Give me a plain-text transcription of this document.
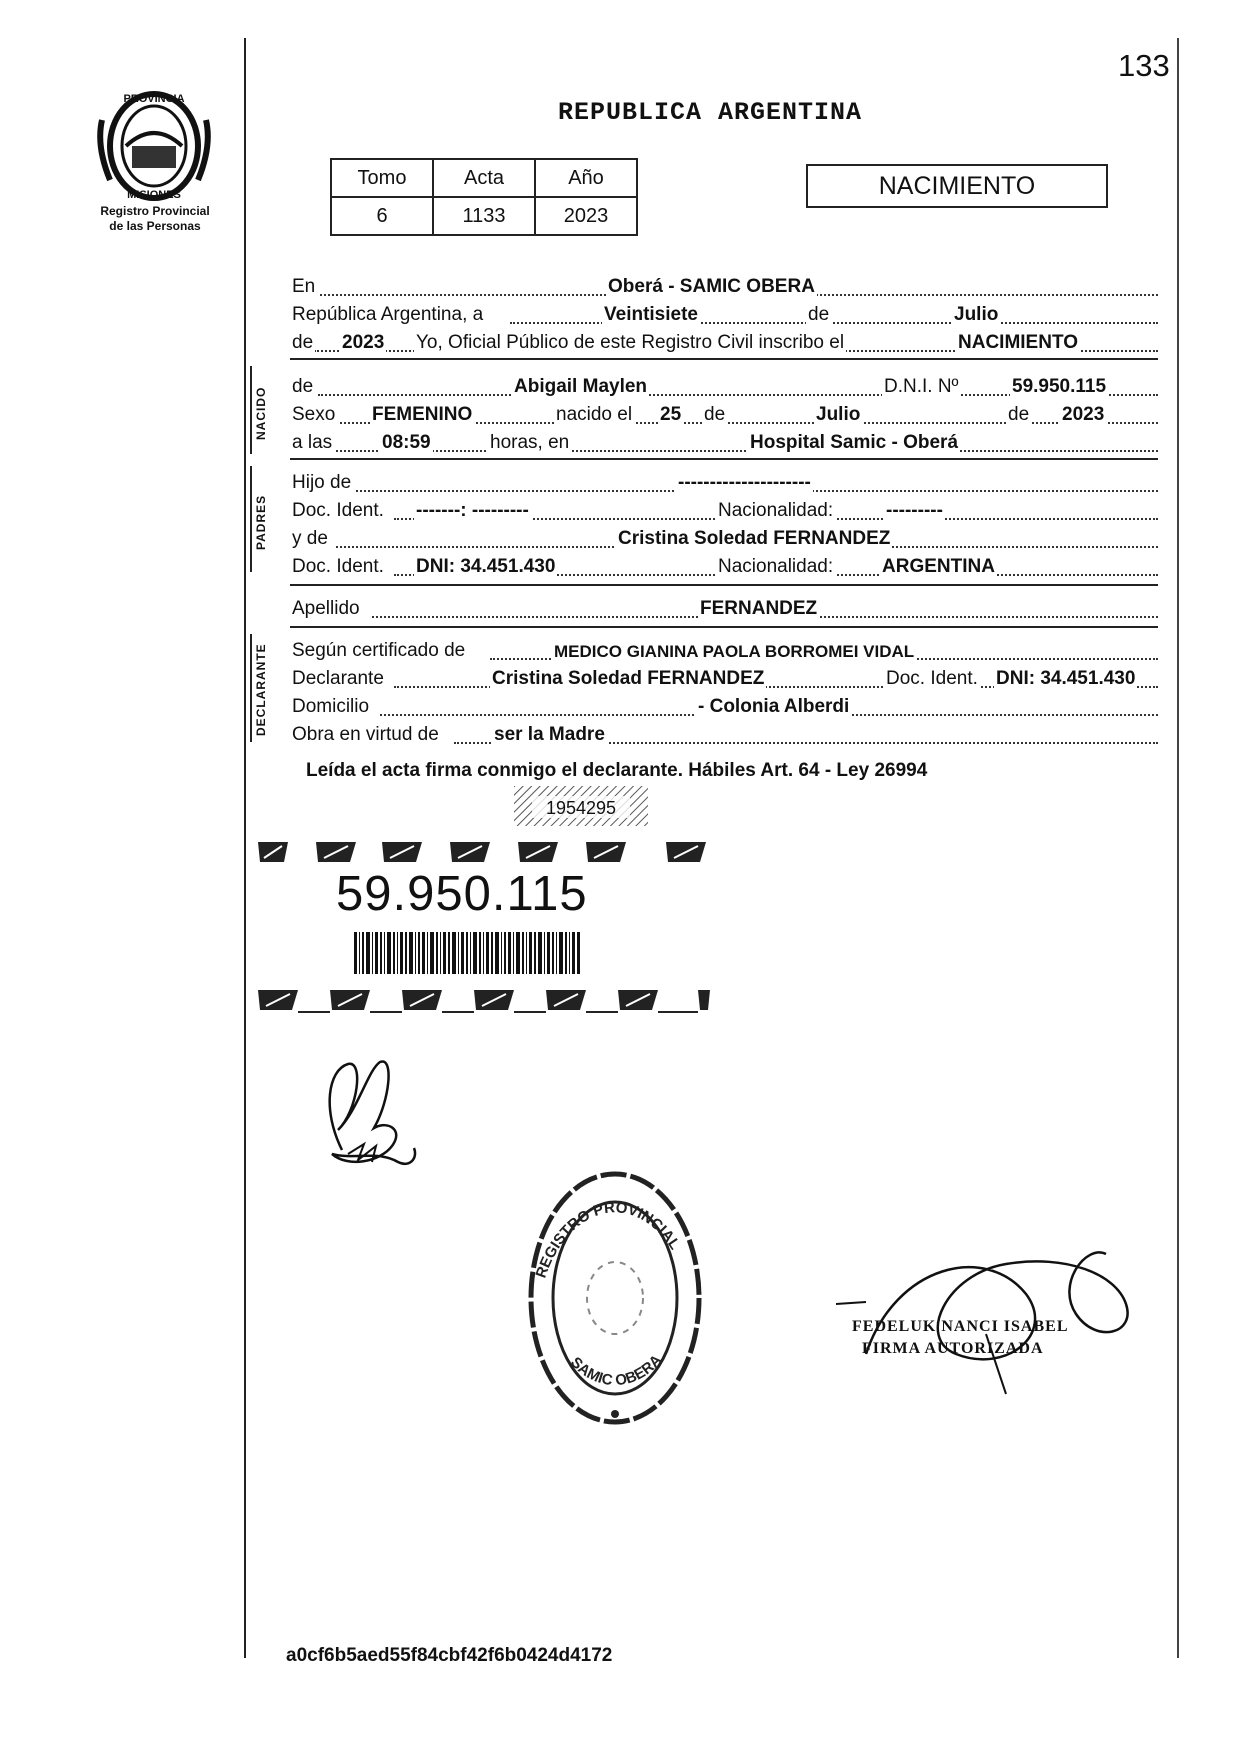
133
PROVINCIA
MISIONES
Registro Provincial
de las Personas
REPUBLICA ARGENTINA
Tomo	Acta	Año
6	1133	2023
NACIMIENTO
En	Oberá - SAMIC OBERA
República Argentina, a	Veintisiete	de	Julio
de 2023 Yo, Oficial Público de este Registro Civil inscribo el	NACIMIENTO
NACIDO
de	Abigail Maylen	D.N.I. Nº	59.950.115
Sexo FEMENINO	nacido el 25 de	Julio	de 2023
a las	08:59	horas, en	Hospital Samic - Oberá
PADRES
Hijo de	---------------------
Doc. Ident. -------: ---------	Nacionalidad:	---------
y de	Cristina Soledad FERNANDEZ
Doc. Ident. DNI: 34.451.430	Nacionalidad:	ARGENTINA
Apellido	FERNANDEZ
DECLARANTE Según certificado de	MEDICO GIANINA PAOLA BORROMEI VIDAL
Declarante	Cristina Soledad FERNANDEZ	Doc. Ident. DNI: 34.451.430
Domicilio	- Colonia Alberdi
Obra en virtud de	ser la Madre
Leída el acta firma conmigo el declarante. Hábiles Art. 64 - Ley 26994
1954295
59.950.115
REGISTRO PROVINCIAL
SAMIC OBERA
FEDELUK NANCI ISABEL
FIRMA AUTORIZADA
a0cf6b5aed55f84cbf42f6b0424d4172
